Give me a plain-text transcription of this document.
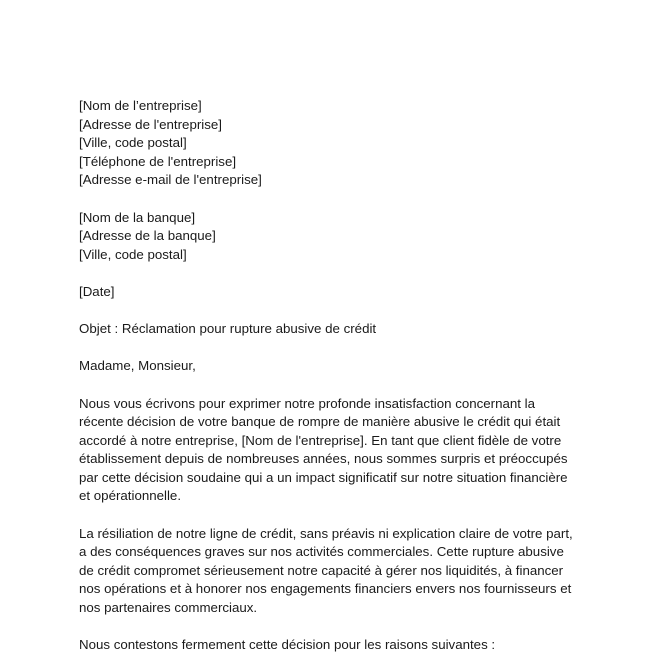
[Nom de l’entreprise]
[Adresse de l'entreprise]
[Ville, code postal]
[Téléphone de l'entreprise]
[Adresse e-mail de l'entreprise]
[Nom de la banque]
[Adresse de la banque]
[Ville, code postal]
[Date]
Objet : Réclamation pour rupture abusive de crédit
Madame, Monsieur,
Nous vous écrivons pour exprimer notre profonde insatisfaction concernant la
récente décision de votre banque de rompre de manière abusive le crédit qui était
accordé à notre entreprise, [Nom de l'entreprise]. En tant que client fidèle de votre
établissement depuis de nombreuses années, nous sommes surpris et préoccupés
par cette décision soudaine qui a un impact significatif sur notre situation financière
et opérationnelle.
La résiliation de notre ligne de crédit, sans préavis ni explication claire de votre part,
a des conséquences graves sur nos activités commerciales. Cette rupture abusive
de crédit compromet sérieusement notre capacité à gérer nos liquidités, à financer
nos opérations et à honorer nos engagements financiers envers nos fournisseurs et
nos partenaires commerciaux.
Nous contestons fermement cette décision pour les raisons suivantes :
